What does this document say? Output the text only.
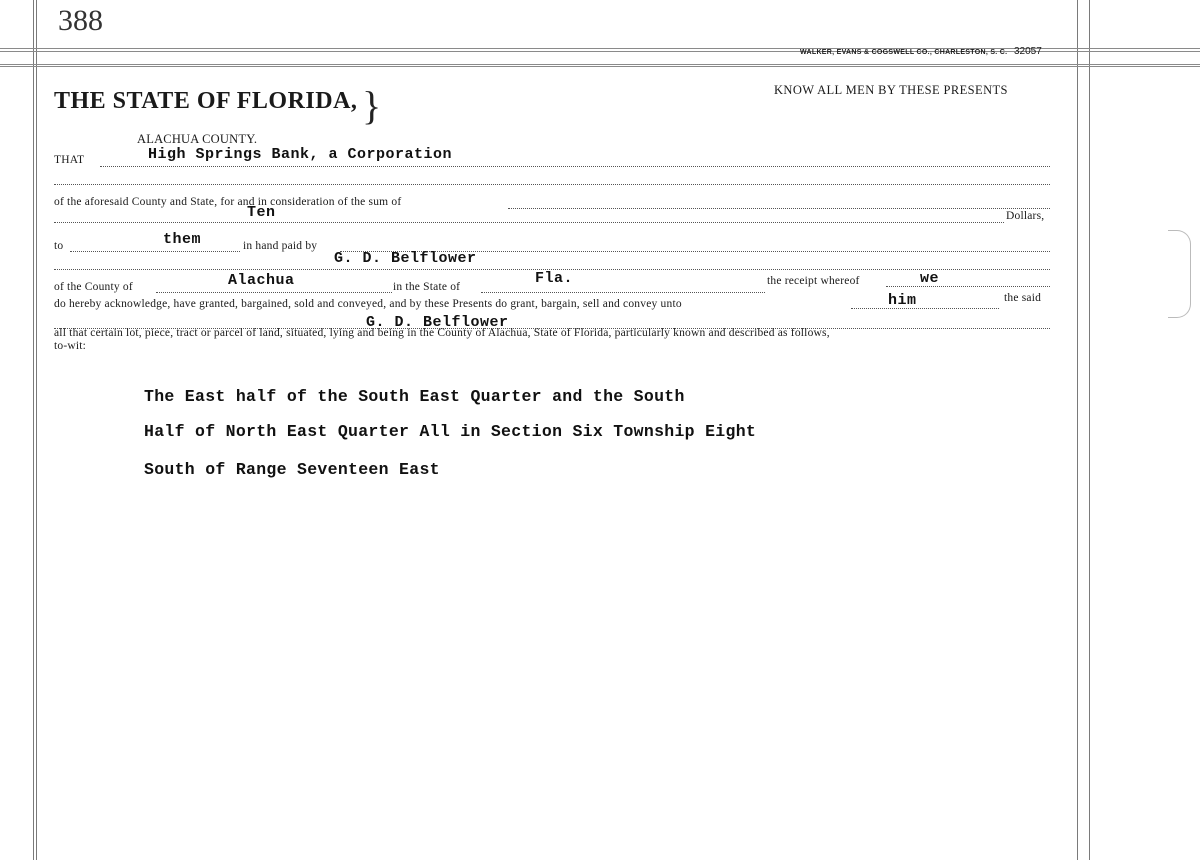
388
WALKER, EVANS & COGSWELL CO., CHARLESTON, S. C. 32057
THE STATE OF FLORIDA, }
ALACHUA COUNTY.
KNOW ALL MEN BY THESE PRESENTS
THAT	High Springs Bank, a Corporation
of the aforesaid County and State, for and in consideration of the sum of
Ten	Dollars,
to	them	in hand paid by
G. D. Belflower
of the County of	Alachua	in the State of	Fla.	the receipt whereof	we
do hereby acknowledge, have granted, bargained, sold and conveyed, and by these Presents do grant, bargain, sell and convey unto	him	the said
G. D. Belflower
all that certain lot, piece, tract or parcel of land, situated, lying and being in the County of Alachua, State of Florida, particularly known and described as follows,
to-wit:
The East half of the South East Quarter and the South
Half of North East Quarter All in Section Six Township Eight
South of Range Seventeen East
